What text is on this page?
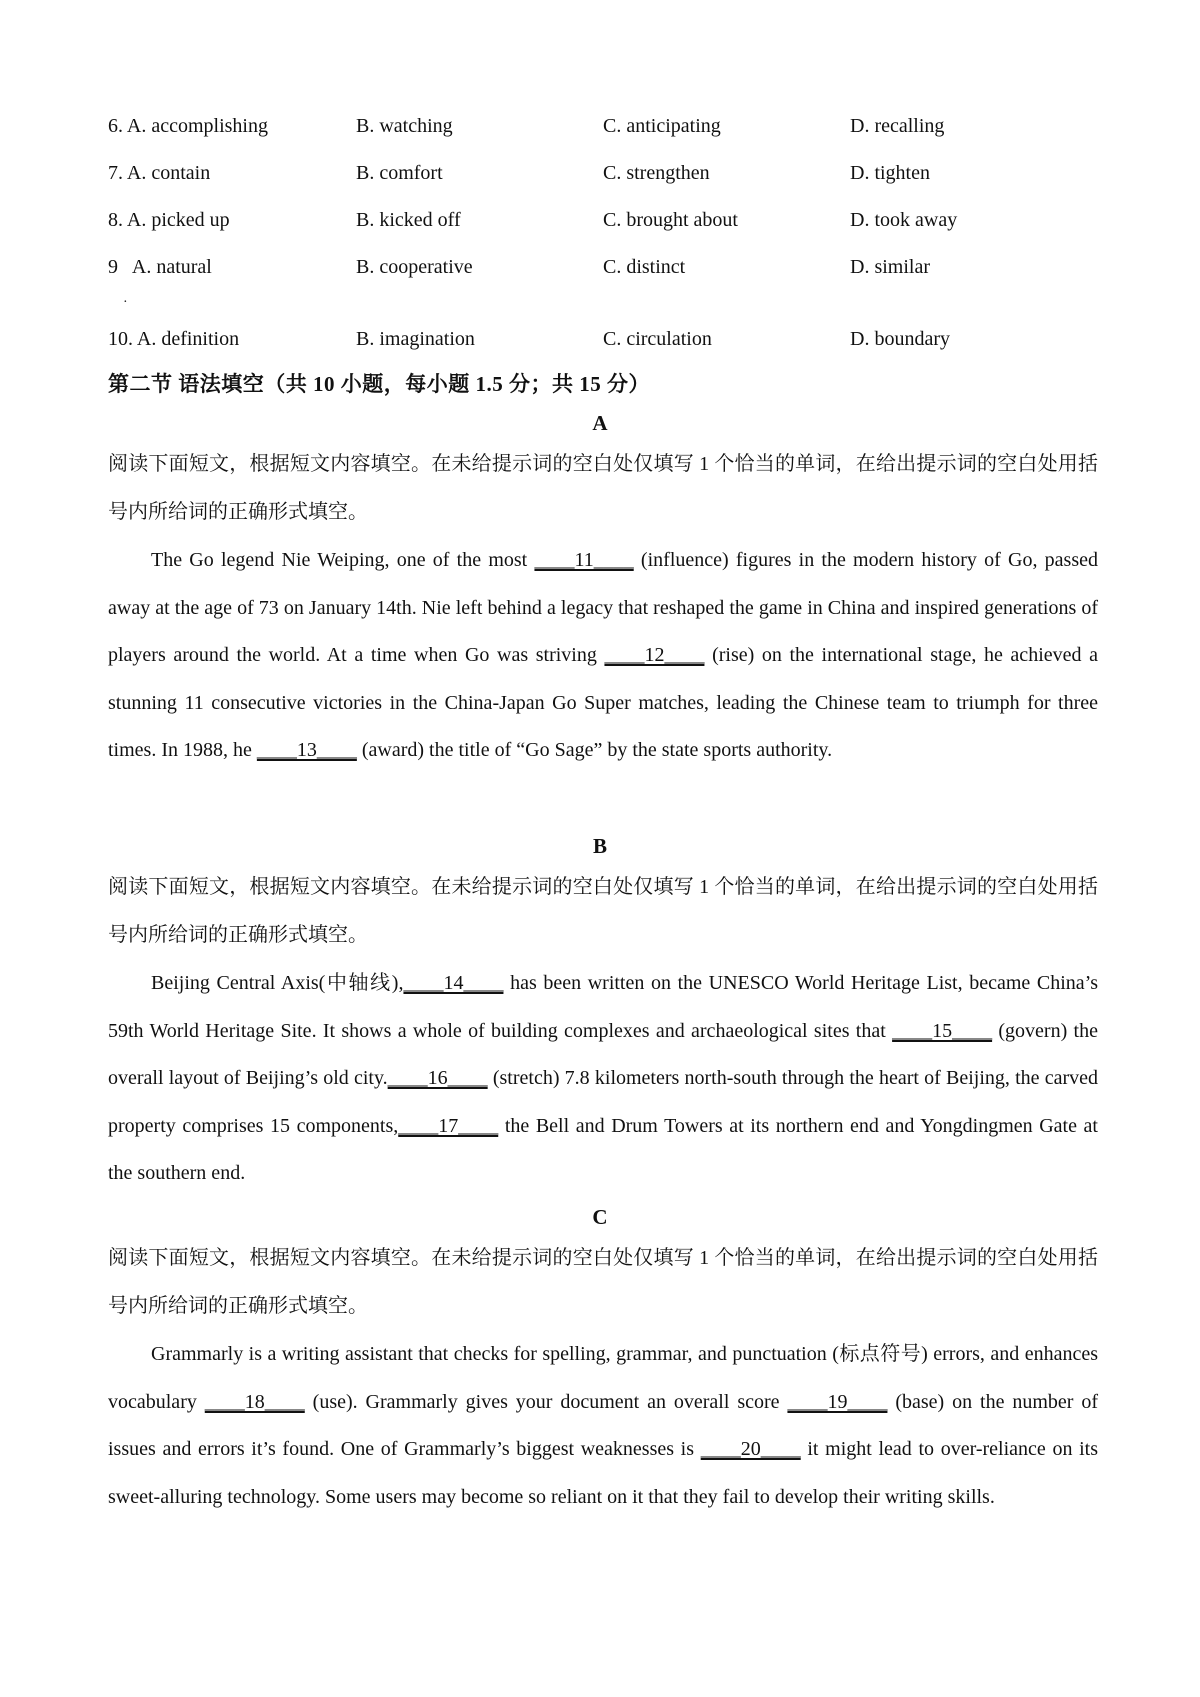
6. A. accomplishing	B. watching	C. anticipating	D. recalling
7. A. contain	B. comfort	C. strengthen	D. tighten
8. A. picked up	B. kicked off	C. brought about	D. took away
9   A. natural	B. cooperative	C. distinct	D. similar
·
10. A. definition	B. imagination	C. circulation	D. boundary
第二节 语法填空（共 10 小题，每小题 1.5 分；共 15 分）
A
阅读下面短文，根据短文内容填空。在未给提示词的空白处仅填写 1 个恰当的单词，在给出提示词的空白处用括号内所给词的正确形式填空。
The Go legend Nie Weiping, one of the most ____11____ (influence) figures in the modern history of Go, passed away at the age of 73 on January 14th. Nie left behind a legacy that reshaped the game in China and inspired generations of players around the world. At a time when Go was striving ____12____ (rise) on the international stage, he achieved a stunning 11 consecutive victories in the China-Japan Go Super matches, leading the Chinese team to triumph for three times. In 1988, he ____13____ (award) the title of “Go Sage” by the state sports authority.
B
阅读下面短文，根据短文内容填空。在未给提示词的空白处仅填写 1 个恰当的单词，在给出提示词的空白处用括号内所给词的正确形式填空。
Beijing Central Axis(中轴线),____14____ has been written on the UNESCO World Heritage List, became China’s 59th World Heritage Site. It shows a whole of building complexes and archaeological sites that ____15____ (govern) the overall layout of Beijing’s old city.____16____ (stretch) 7.8 kilometers north-south through the heart of Beijing, the carved property comprises 15 components,____17____ the Bell and Drum Towers at its northern end and Yongdingmen Gate at the southern end.
C
阅读下面短文，根据短文内容填空。在未给提示词的空白处仅填写 1 个恰当的单词，在给出提示词的空白处用括号内所给词的正确形式填空。
Grammarly is a writing assistant that checks for spelling, grammar, and punctuation (标点符号) errors, and enhances vocabulary ____18____ (use). Grammarly gives your document an overall score ____19____ (base) on the number of issues and errors it’s found. One of Grammarly’s biggest weaknesses is ____20____ it might lead to over-reliance on its sweet-alluring technology. Some users may become so reliant on it that they fail to develop their writing skills.
